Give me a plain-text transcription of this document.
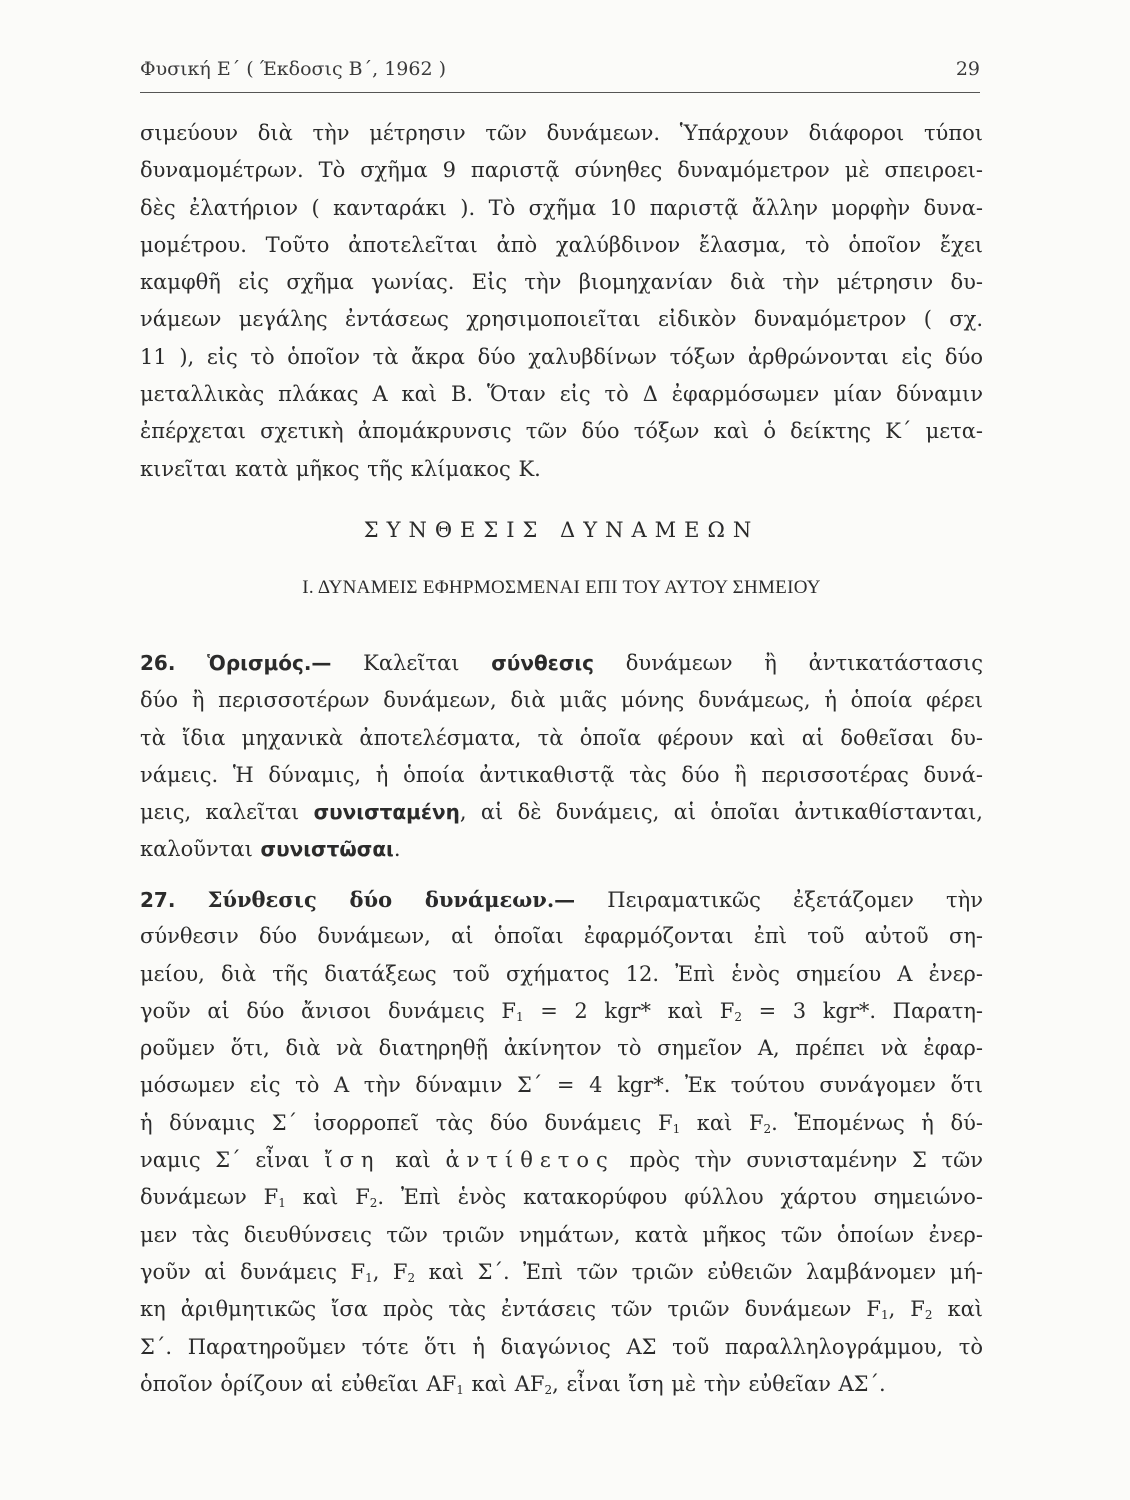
Φυσική Ε΄ ( Έκδοσις Β΄, 1962 )	29
σιμεύουν διὰ τὴν μέτρησιν τῶν δυνάμεων. Ὑπάρχουν διάφοροι τύποι
δυναμομέτρων. Τὸ σχῆμα 9 παριστᾷ σύνηθες δυναμόμετρον μὲ σπειροει-
δὲς ἐλατήριον ( κανταράκι ). Τὸ σχῆμα 10 παριστᾷ ἄλλην μορφὴν δυνα-
μομέτρου. Τοῦτο ἀποτελεῖται ἀπὸ χαλύβδινον ἔλασμα, τὸ ὁποῖον ἔχει
καμφθῆ εἰς σχῆμα γωνίας. Εἰς τὴν βιομηχανίαν διὰ τὴν μέτρησιν δυ-
νάμεων μεγάλης ἐντάσεως χρησιμοποιεῖται εἰδικὸν δυναμόμετρον ( σχ.
11 ), εἰς τὸ ὁποῖον τὰ ἄκρα δύο χαλυβδίνων τόξων ἀρθρώνονται εἰς δύο
μεταλλικὰς πλάκας Α καὶ Β. Ὅταν εἰς τὸ Δ ἐφαρμόσωμεν μίαν δύναμιν
ἐπέρχεται σχετικὴ ἀπομάκρυνσις τῶν δύο τόξων καὶ ὁ δείκτης Κ΄ μετα-
κινεῖται κατὰ μῆκος τῆς κλίμακος Κ.
ΣΥΝΘΕΣΙΣ ΔΥΝΑΜΕΩΝ
Ι. ΔΥΝΑΜΕΙΣ ΕΦΗΡΜΟΣΜΕΝΑΙ ΕΠΙ ΤΟΥ ΑΥΤΟΥ ΣΗΜΕΙΟΥ
26. Ὁρισμός.— Καλεῖται σύνθεσις δυνάμεων ἢ ἀντικατάστασις
δύο ἢ περισσοτέρων δυνάμεων, διὰ μιᾶς μόνης δυνάμεως, ἡ ὁποία φέρει
τὰ ἴδια μηχανικὰ ἀποτελέσματα, τὰ ὁποῖα φέρουν καὶ αἱ δοθεῖσαι δυ-
νάμεις. Ἡ δύναμις, ἡ ὁποία ἀντικαθιστᾷ τὰς δύο ἢ περισσοτέρας δυνά-
μεις, καλεῖται συνισταμένη, αἱ δὲ δυνάμεις, αἱ ὁποῖαι ἀντικαθίστανται,
καλοῦνται συνιστῶσαι.
27. Σύνθεσις δύο δυνάμεων.— Πειραματικῶς ἐξετάζομεν τὴν
σύνθεσιν δύο δυνάμεων, αἱ ὁποῖαι ἐφαρμόζονται ἐπὶ τοῦ αὐτοῦ ση-
μείου, διὰ τῆς διατάξεως τοῦ σχήματος 12. Ἐπὶ ἑνὸς σημείου Α ἐνερ-
γοῦν αἱ δύο ἄνισοι δυνάμεις $F_1 = 2$ kgr* καὶ $F_2 = 3$ kgr*. Παρατη-
ροῦμεν ὅτι, διὰ νὰ διατηρηθῇ ἀκίνητον τὸ σημεῖον Α, πρέπει νὰ ἐφαρ-
μόσωμεν εἰς τὸ Α τὴν δύναμιν Σ΄ = 4 kgr*. Ἐκ τούτου συνάγομεν ὅτι
ἡ δύναμις Σ΄ ἰσορροπεῖ τὰς δύο δυνάμεις $F_1$ καὶ $F_2$. Ἑπομένως ἡ δύ-
ναμις Σ΄ εἶναι ἴση καὶ ἀντίθετος πρὸς τὴν συνισταμένην Σ τῶν
δυνάμεων $F_1$ καὶ $F_2$. Ἐπὶ ἑνὸς κατακορύφου φύλλου χάρτου σημειώνο-
μεν τὰς διευθύνσεις τῶν τριῶν νημάτων, κατὰ μῆκος τῶν ὁποίων ἐνερ-
γοῦν αἱ δυνάμεις $F_1$, $F_2$ καὶ Σ΄. Ἐπὶ τῶν τριῶν εὐθειῶν λαμβάνομεν μή-
κη ἀριθμητικῶς ἴσα πρὸς τὰς ἐντάσεις τῶν τριῶν δυνάμεων $F_1$, $F_2$ καὶ
Σ΄. Παρατηροῦμεν τότε ὅτι ἡ διαγώνιος ΑΣ τοῦ παραλληλογράμμου, τὸ
ὁποῖον ὁρίζουν αἱ εὐθεῖαι $AF_1$ καὶ $AF_2$, εἶναι ἴση μὲ τὴν εὐθεῖαν ΑΣ΄.
